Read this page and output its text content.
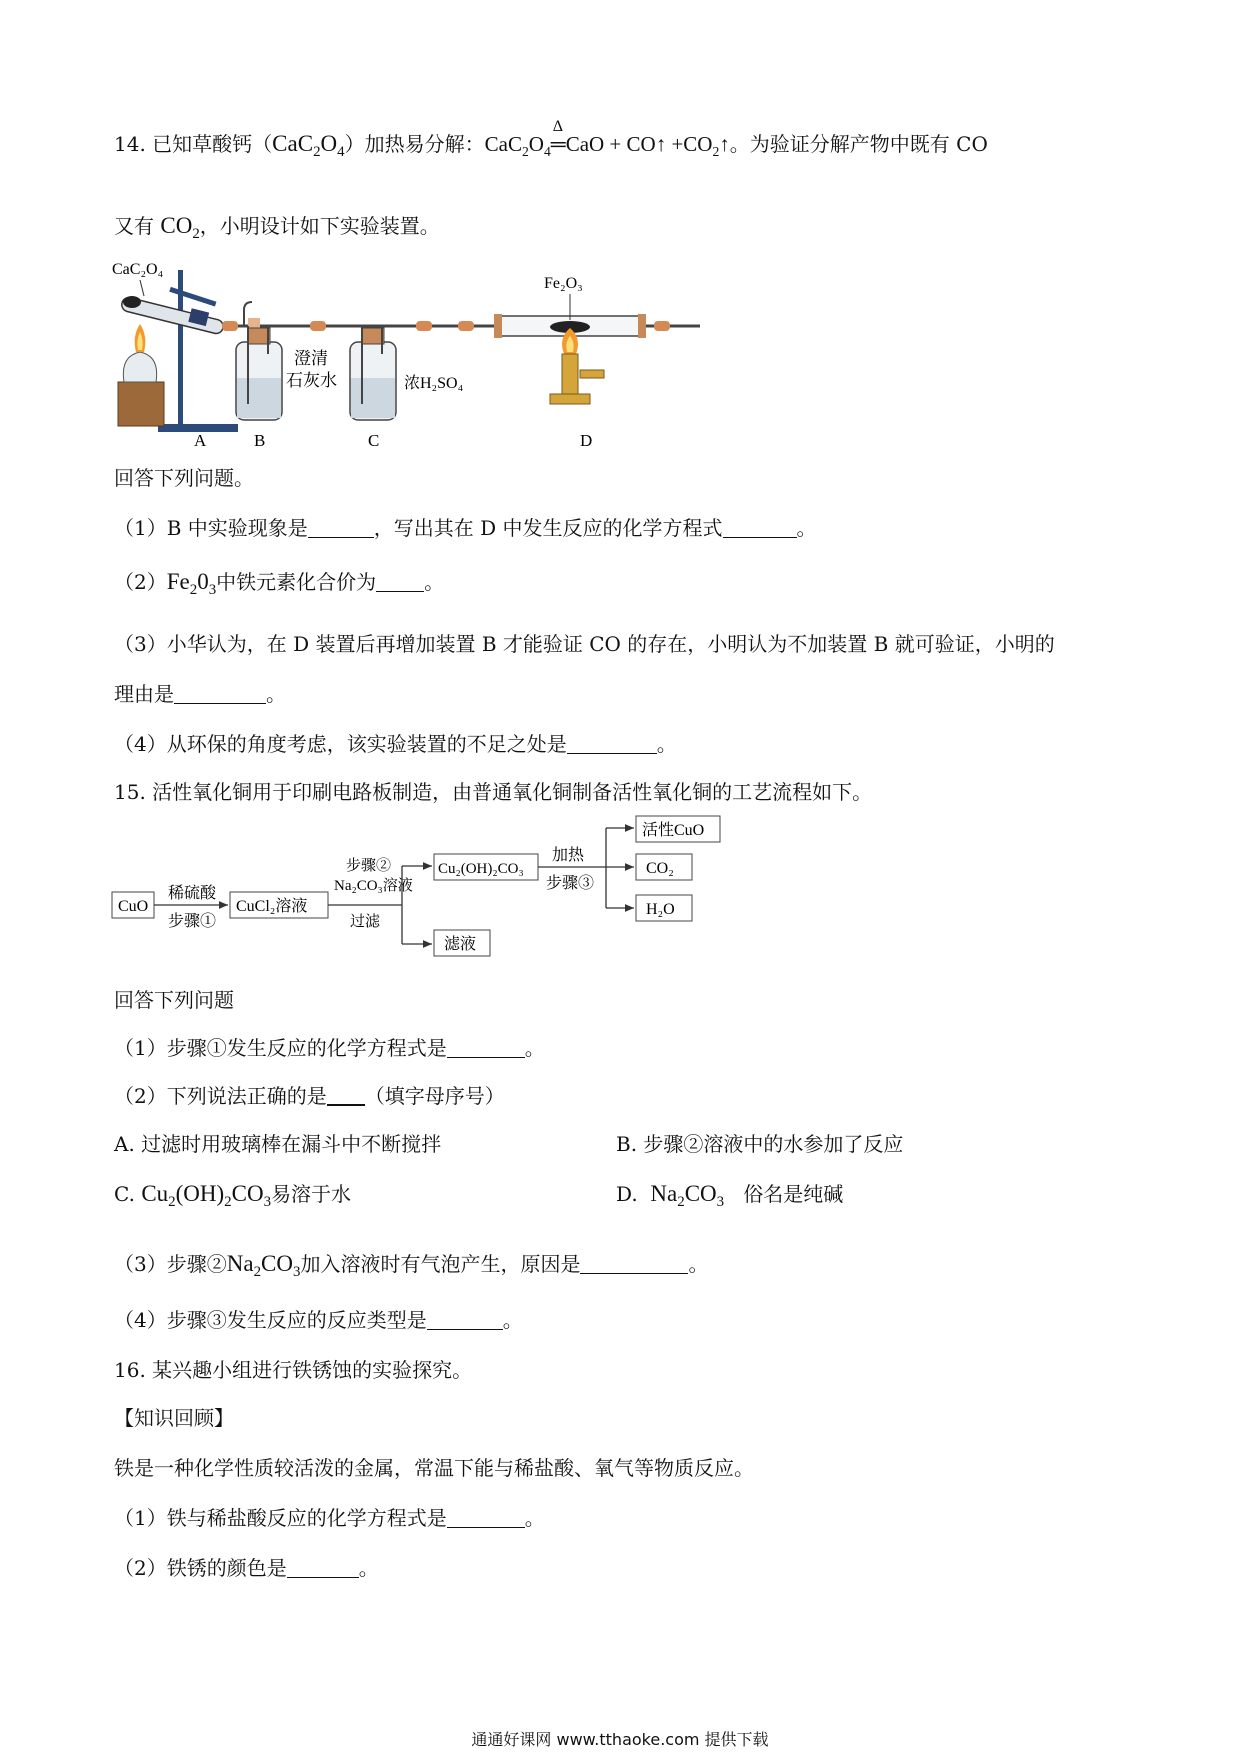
14. 已知草酸钙$(CaC_2O_4)$加热易分解：$CaC_2O_4$
Δ
═CaO + CO↑ $+CO_2↑$。为验证分解产物中既有 CO
又有 $CO_2$，小明设计如下实验装置。
CaC₂O₄
Fe₂O₃
澄清
石灰水	浓H₂SO₄
A	B	C	D
回答下列问题。
（1）B 中实验现象是	，写出其在 D 中发生反应的化学方程式	。
$(2)Fe_20_3$中铁元素化合价为 。
（3）小华认为，在 D 装置后再增加装置 B 才能验证 CO 的存在，小明认为不加装置 B 就可验证，小明的
理由是	。
（4）从环保的角度考虑，该实验装置的不足之处是	。
15. 活性氧化铜用于印刷电路板制造，由普通氧化铜制备活性氧化铜的工艺流程如下。
CuO
稀硫酸
步骤①
CuCl₂溶液
步骤②
Na₂CO₃溶液
过滤
Cu₂(OH)₂CO₃
滤液
加热
步骤③
活性CuO
CO₂
H₂O
回答下列问题
（1）步骤①发生反应的化学方程式是	。
（2）下列说法正确的是 （填字母序号）
A. 过滤时用玻璃棒在漏斗中不断搅拌	B. 步骤②溶液中的水参加了反应
C. $Cu_2(OH)_2CO_3$易溶于水	D. $Na_2CO_3$ 俗名是纯碱
（3）步骤$②Na_2CO_3$加入溶液时有气泡产生，原因是	。
（4）步骤③发生反应的反应类型是	。
16. 某兴趣小组进行铁锈蚀的实验探究。
【知识回顾】
铁是一种化学性质较活泼的金属，常温下能与稀盐酸、氧气等物质反应。
（1）铁与稀盐酸反应的化学方程式是	。
（2）铁锈的颜色是	。
通通好课网 www.tthaoke.com 提供下载
